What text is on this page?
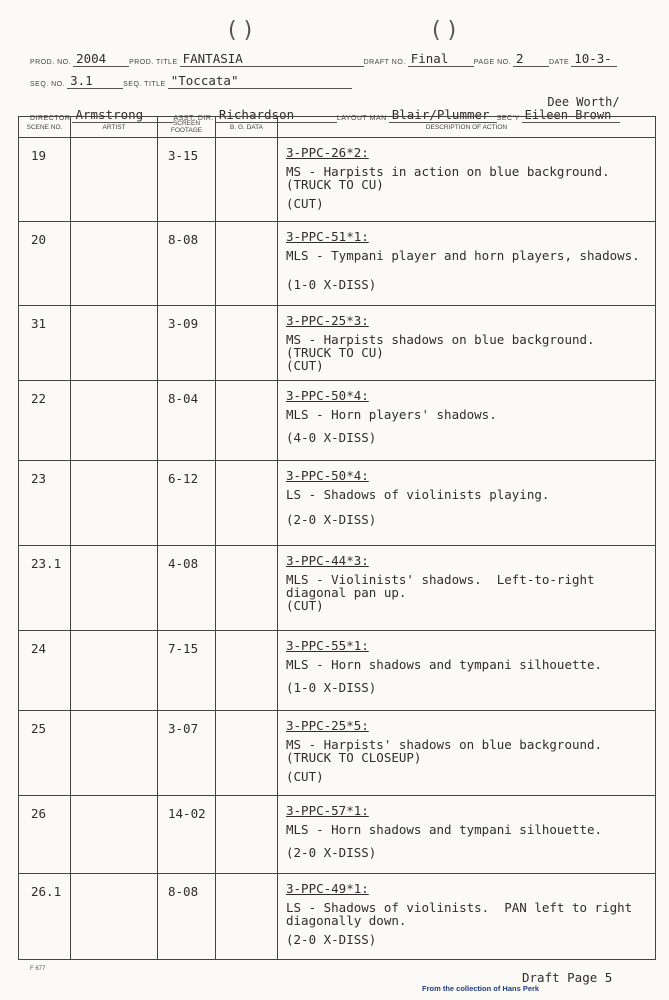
( )	( )
PROD. NO. 2004	PROD. TITLE FANTASIA	DRAFT NO. Final	PAGE NO. 2	DATE 10-3-
SEQ. NO. 3.1	SEQ. TITLE "Toccata"
DIRECTOR Armstrong	ASST. DIR. Richardson	LAYOUT MAN Blair/Plummer	SEC'Y
Dee Worth/
Eileen Brown
SCENE NO.	ARTIST	SCREEN FOOTAGE	B. G. DATA	DESCRIPTION OF ACTION
19		3-15		3-PPC-26*2:
MS - Harpists in action on blue background.
(TRUCK TO CU)
(CUT)

20		8-08		3-PPC-51*1:
MLS - Tympani player and horn players, shadows.
(1-0 X-DISS)

31		3-09		3-PPC-25*3:
MS - Harpists shadows on blue background.
(TRUCK TO CU)
(CUT)

22		8-04		3-PPC-50*4:
MLS - Horn players' shadows.
(4-0 X-DISS)

23		6-12		3-PPC-50*4:
LS - Shadows of violinists playing.
(2-0 X-DISS)

23.1		4-08		3-PPC-44*3:
MLS - Violinists' shadows.  Left-to-right
diagonal pan up.
(CUT)

24		7-15		3-PPC-55*1:
MLS - Horn shadows and tympani silhouette.
(1-0 X-DISS)

25		3-07		3-PPC-25*5:
MS - Harpists' shadows on blue background.
(TRUCK TO CLOSEUP)
(CUT)

26		14-02		3-PPC-57*1:
MLS - Horn shadows and tympani silhouette.
(2-0 X-DISS)

26.1		8-08		3-PPC-49*1:
LS - Shadows of violinists.  PAN left to right
diagonally down.
(2-0 X-DISS)
F 677
Draft Page 5
From the collection of Hans Perk
